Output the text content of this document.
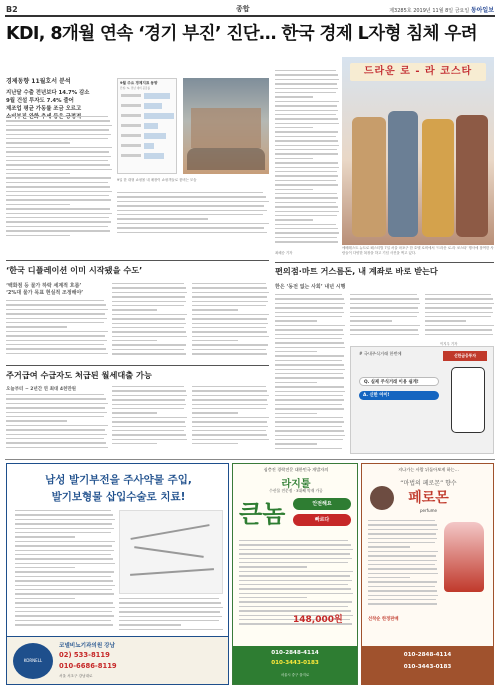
B2	종합	제3285호 2019년 11월 8일 금요일 동아일보
KDI, 8개월 연속 ‘경기 부진’ 진단… 한국 경제 L자형 침체 우려
경제동향 11월호서 분석
지난달 수출 전년보다 14.7% 감소
9월 건설 투자도 7.4% 줄어
제조업 평균 가동률 조금 오르고

9월 주요 경제지표 동향
단위: %, 전년 대비 증감률
9일 한 대형 쇼핑몰 내 매장이 쇼핑객들로 붐비는 모습
최혜승 기자
드라운 로 - 라 코스타
에베레스트 뉴트로 페스티벌 7일 서울 마포구 한 호텔 로비에서 ‘드라운 로-라 코스타’ 행사에 참여한 사람들이 다양한 복장을 하고 기념 사진을 찍고 있다.
‘한국 디플레이션 이미 시작됐을 수도’
‘백화점 등 물가 하락 세계적 흐름’
‘2%대 물가 목표 현실적 조정해야’
주거급여 수급자도 처급된 월세대출 가능
오늘부터 ~ 2년간 연 최대 4천만원
편의점·마트 거스름돈, 내 계좌로 바로 받는다
한은 ‘동전 없는 사회’ 내년 시행
이지우 기자
# 국내주식거래 한번에
Q. 실제 주식거래 이용 쉽게!
A. 신한 아이!
신한금융투자
남성 발기부전을 주사약물 주입,
발기보형물 삽입수술로 치료!
KORNELL
코넬비뇨기과의원 강남
02) 533-8119
010-6686-8119
서울 서초구 강남대로
심층진 경락전문 대한민국 개발자의
라지툴
수산물 전문점 · 3대째 약재 가공
큰놈	안전해요
빠르다
148,000원
010-2848-4114
010-3443-0183
서울시 중구 을지로
지나가는 사람 뒤돌아보게 하는…
“마법의 페로몬” 향수
페로몬
perfume
선착순 한정판매
010-2848-4114
010-3443-0183
